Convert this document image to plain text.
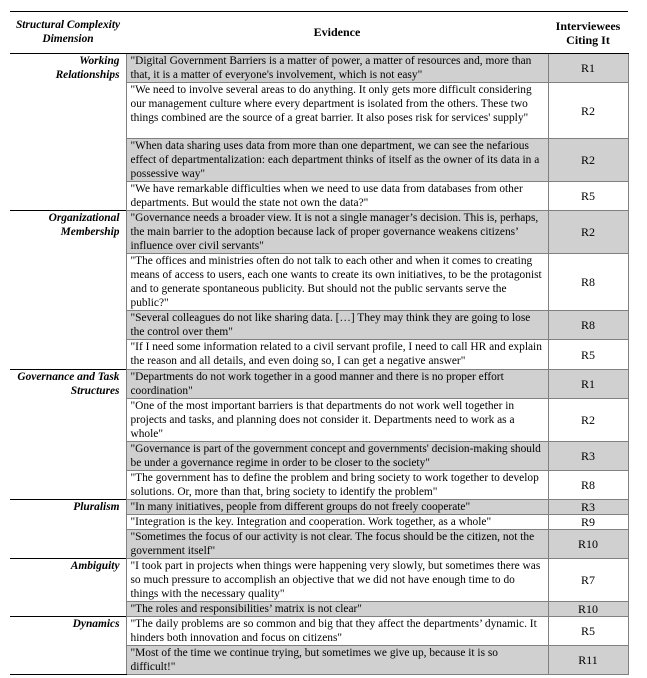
Structural Complexity Dimension	Evidence	Interviewees Citing It
Working Relationships	"Digital Government Barriers is a matter of power, a matter of resources and, more than that, it is a matter of everyone's involvement, which is not easy"	R1
	"We need to involve several areas to do anything. It only gets more difficult considering our management culture where every department is isolated from the others. These two things combined are the source of a great barrier. It also poses risk for services' supply"	R2
	"When data sharing uses data from more than one department, we can see the nefarious effect of departmentalization: each department thinks of itself as the owner of its data in a possessive way"	R2
	"We have remarkable difficulties when we need to use data from databases from other departments. But would the state not own the data?"	R5
Organizational Membership	"Governance needs a broader view. It is not a single manager’s decision. This is, perhaps, the main barrier to the adoption because lack of proper governance weakens citizens’ influence over civil servants"	R2
	"The offices and ministries often do not talk to each other and when it comes to creating means of access to users, each one wants to create its own initiatives, to be the protagonist and to generate spontaneous publicity. But should not the public servants serve the public?"	R8
	"Several colleagues do not like sharing data. […] They may think they are going to lose the control over them"	R8
	"If I need some information related to a civil servant profile, I need to call HR and explain the reason and all details, and even doing so, I can get a negative answer"	R5
Governance and Task Structures	"Departments do not work together in a good manner and there is no proper effort coordination"	R1
	"One of the most important barriers is that departments do not work well together in projects and tasks, and planning does not consider it. Departments need to work as a whole"	R2
	"Governance is part of the government concept and governments' decision-making should be under a governance regime in order to be closer to the society"	R3
	"The government has to define the problem and bring society to work together to develop solutions. Or, more than that, bring society to identify the problem"	R8
Pluralism	"In many initiatives, people from different groups do not freely cooperate"	R3
	"Integration is the key. Integration and cooperation. Work together, as a whole"	R9
	"Sometimes the focus of our activity is not clear. The focus should be the citizen, not the government itself"	R10
Ambiguity	"I took part in projects when things were happening very slowly, but sometimes there was so much pressure to accomplish an objective that we did not have enough time to do things with the necessary quality"	R7
	"The roles and responsibilities’ matrix is not clear"	R10
Dynamics	"The daily problems are so common and big that they affect the departments’ dynamic. It hinders both innovation and focus on citizens"	R5
	"Most of the time we continue trying, but sometimes we give up, because it is so difficult!"	R11
